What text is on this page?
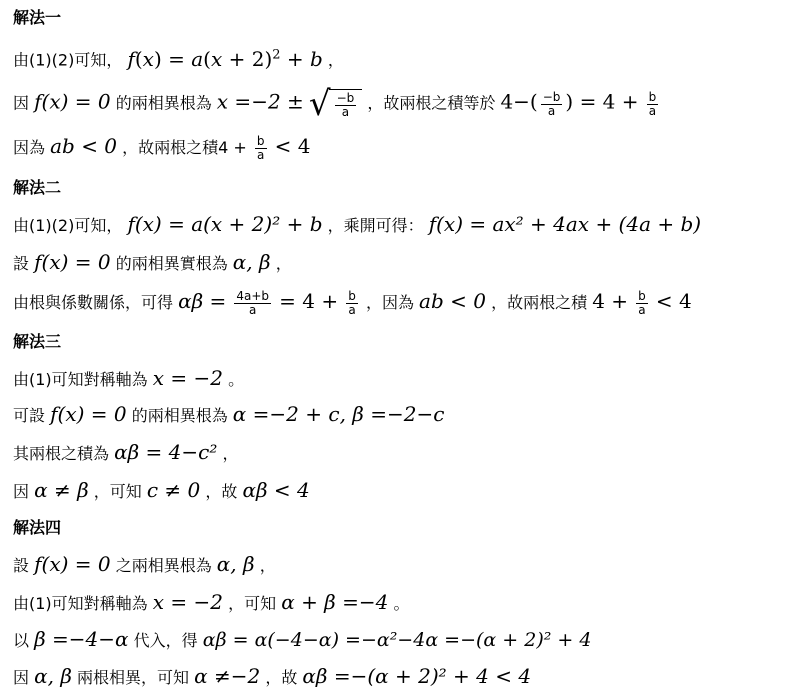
解法一
由(1)(2)可知， $f(x) = a(x + 2)^2 + b$ ，
因 f(x) = 0 的兩相異根為 x =−2 ± √ $\frac{-b}{a}$ ，故兩根之積等於 $4-( \frac{-b}{a}$ ) = $4 + \frac{b}{a}$
因為 ab < 0 ，故兩根之積$4 + \frac{b}{a} < 4$
解法二
由(1)(2)可知， f(x) = a(x + 2)² + b ，乘開可得： f(x) = ax² + 4ax + (4a + b)
設 f(x) = 0 的兩相異實根為 α, β ，
由根與係數關係，可得 $\alpha\beta = \frac{4a+b}{a} = 4 + \frac{b}{a}$ ，因為 ab < 0 ，故兩根之積 $4 + \frac{b}{a} < 4$
解法三
由(1)可知對稱軸為 x = −2 。
可設 f(x) = 0 的兩相異根為 α =−2 + c, β =−2−c
其兩根之積為 αβ = 4−c² ，
因 α ≠ β ，可知 c ≠ 0 ，故 αβ < 4
解法四
設 f(x) = 0 之兩相異根為 α, β ，
由(1)可知對稱軸為 x = −2 ，可知 α + β =−4 。
以 β =−4−α 代入，得 αβ = α(−4−α) =−α²−4α =−(α + 2)² + 4
因 α, β 兩根相異，可知 α ≠−2 ，故 αβ =−(α + 2)² + 4 < 4
